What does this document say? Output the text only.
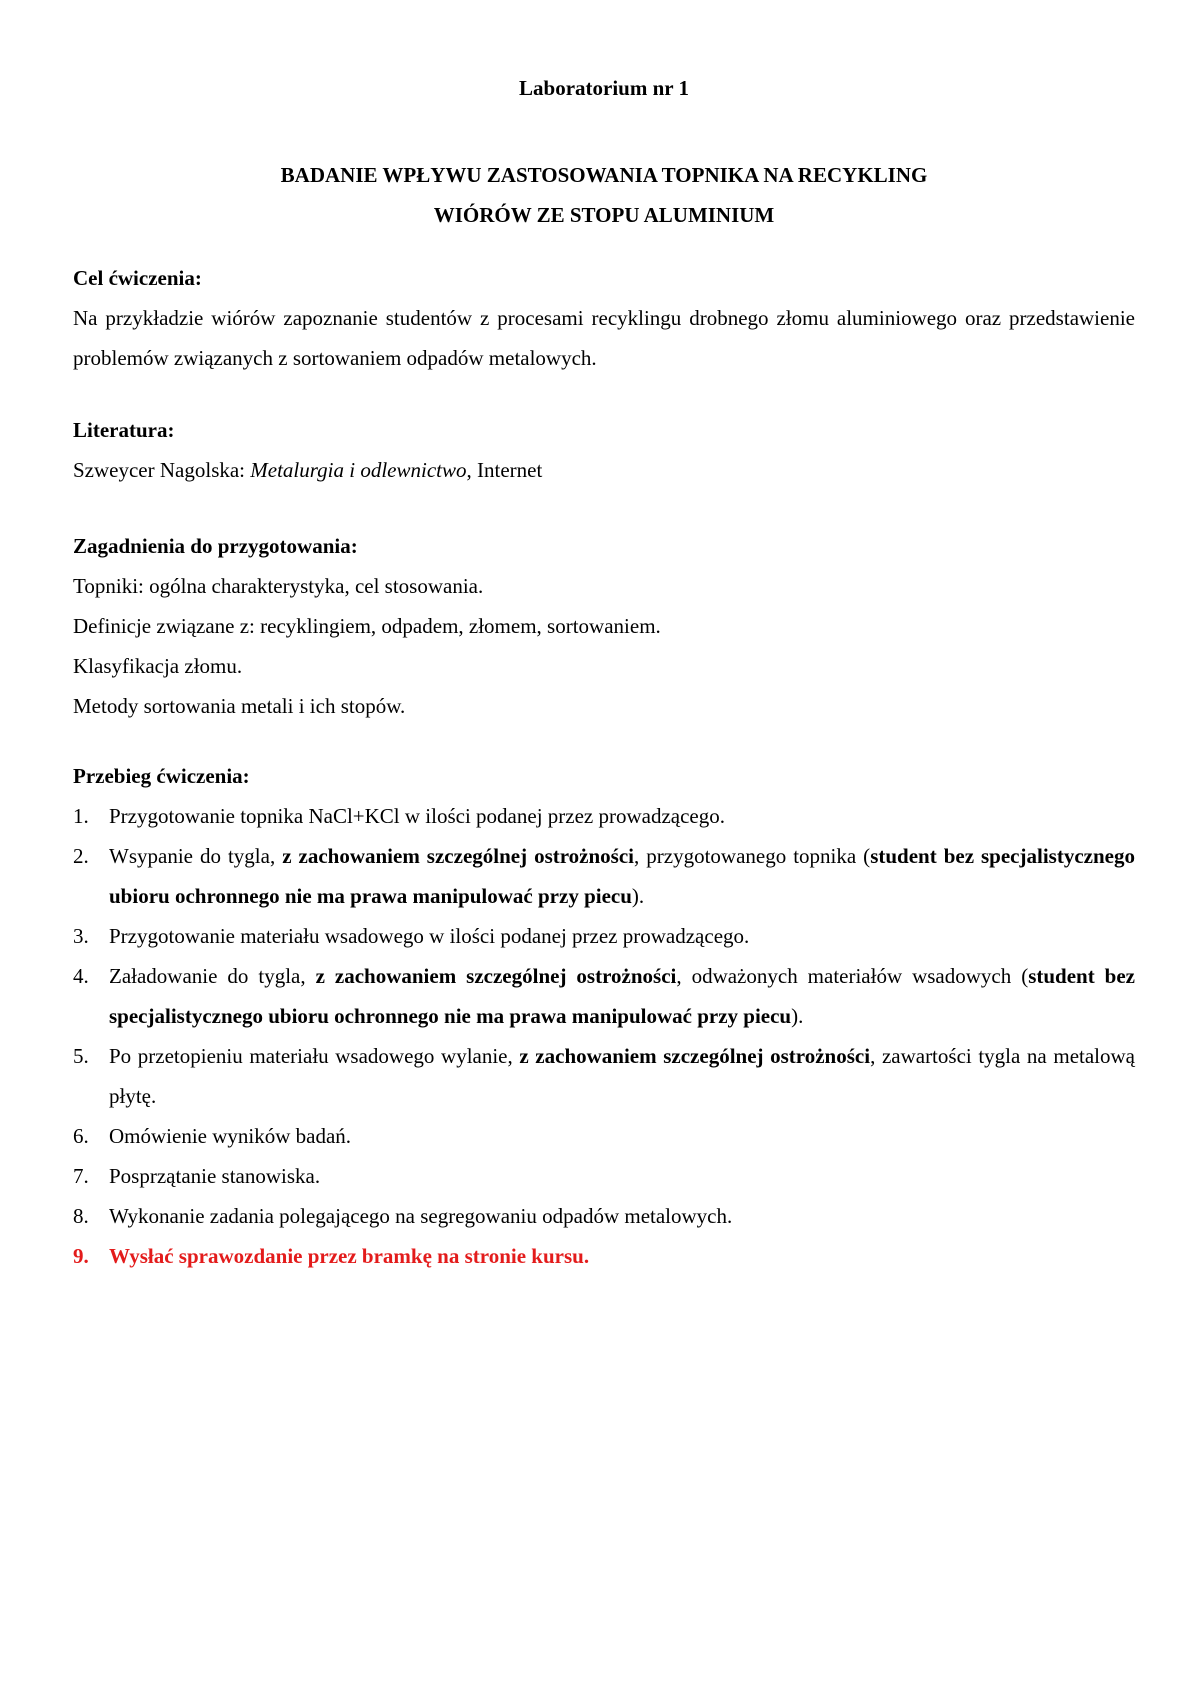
Laboratorium nr 1
BADANIE WPŁYWU ZASTOSOWANIA TOPNIKA NA RECYKLING
WIÓRÓW ZE STOPU ALUMINIUM
Cel ćwiczenia:
Na przykładzie wiórów zapoznanie studentów z procesami recyklingu drobnego złomu aluminiowego oraz przedstawienie problemów związanych z sortowaniem odpadów metalowych.
Literatura:
Szweycer Nagolska: Metalurgia i odlewnictwo, Internet
Zagadnienia do przygotowania:
Topniki: ogólna charakterystyka, cel stosowania.
Definicje związane z: recyklingiem, odpadem, złomem, sortowaniem.
Klasyfikacja złomu.
Metody sortowania metali i ich stopów.
Przebieg ćwiczenia:
1. Przygotowanie topnika NaCl+KCl w ilości podanej przez prowadzącego.
2. Wsypanie do tygla, z zachowaniem szczególnej ostrożności, przygotowanego topnika (student bez specjalistycznego ubioru ochronnego nie ma prawa manipulować przy piecu).
3. Przygotowanie materiału wsadowego w ilości podanej przez prowadzącego.
4. Załadowanie do tygla, z zachowaniem szczególnej ostrożności, odważonych materiałów wsadowych (student bez specjalistycznego ubioru ochronnego nie ma prawa manipulować przy piecu).
5. Po przetopieniu materiału wsadowego wylanie, z zachowaniem szczególnej ostrożności, zawartości tygla na metalową płytę.
6. Omówienie wyników badań.
7. Posprzątanie stanowiska.
8. Wykonanie zadania polegającego na segregowaniu odpadów metalowych.
9. Wysłać sprawozdanie przez bramkę na stronie kursu.
